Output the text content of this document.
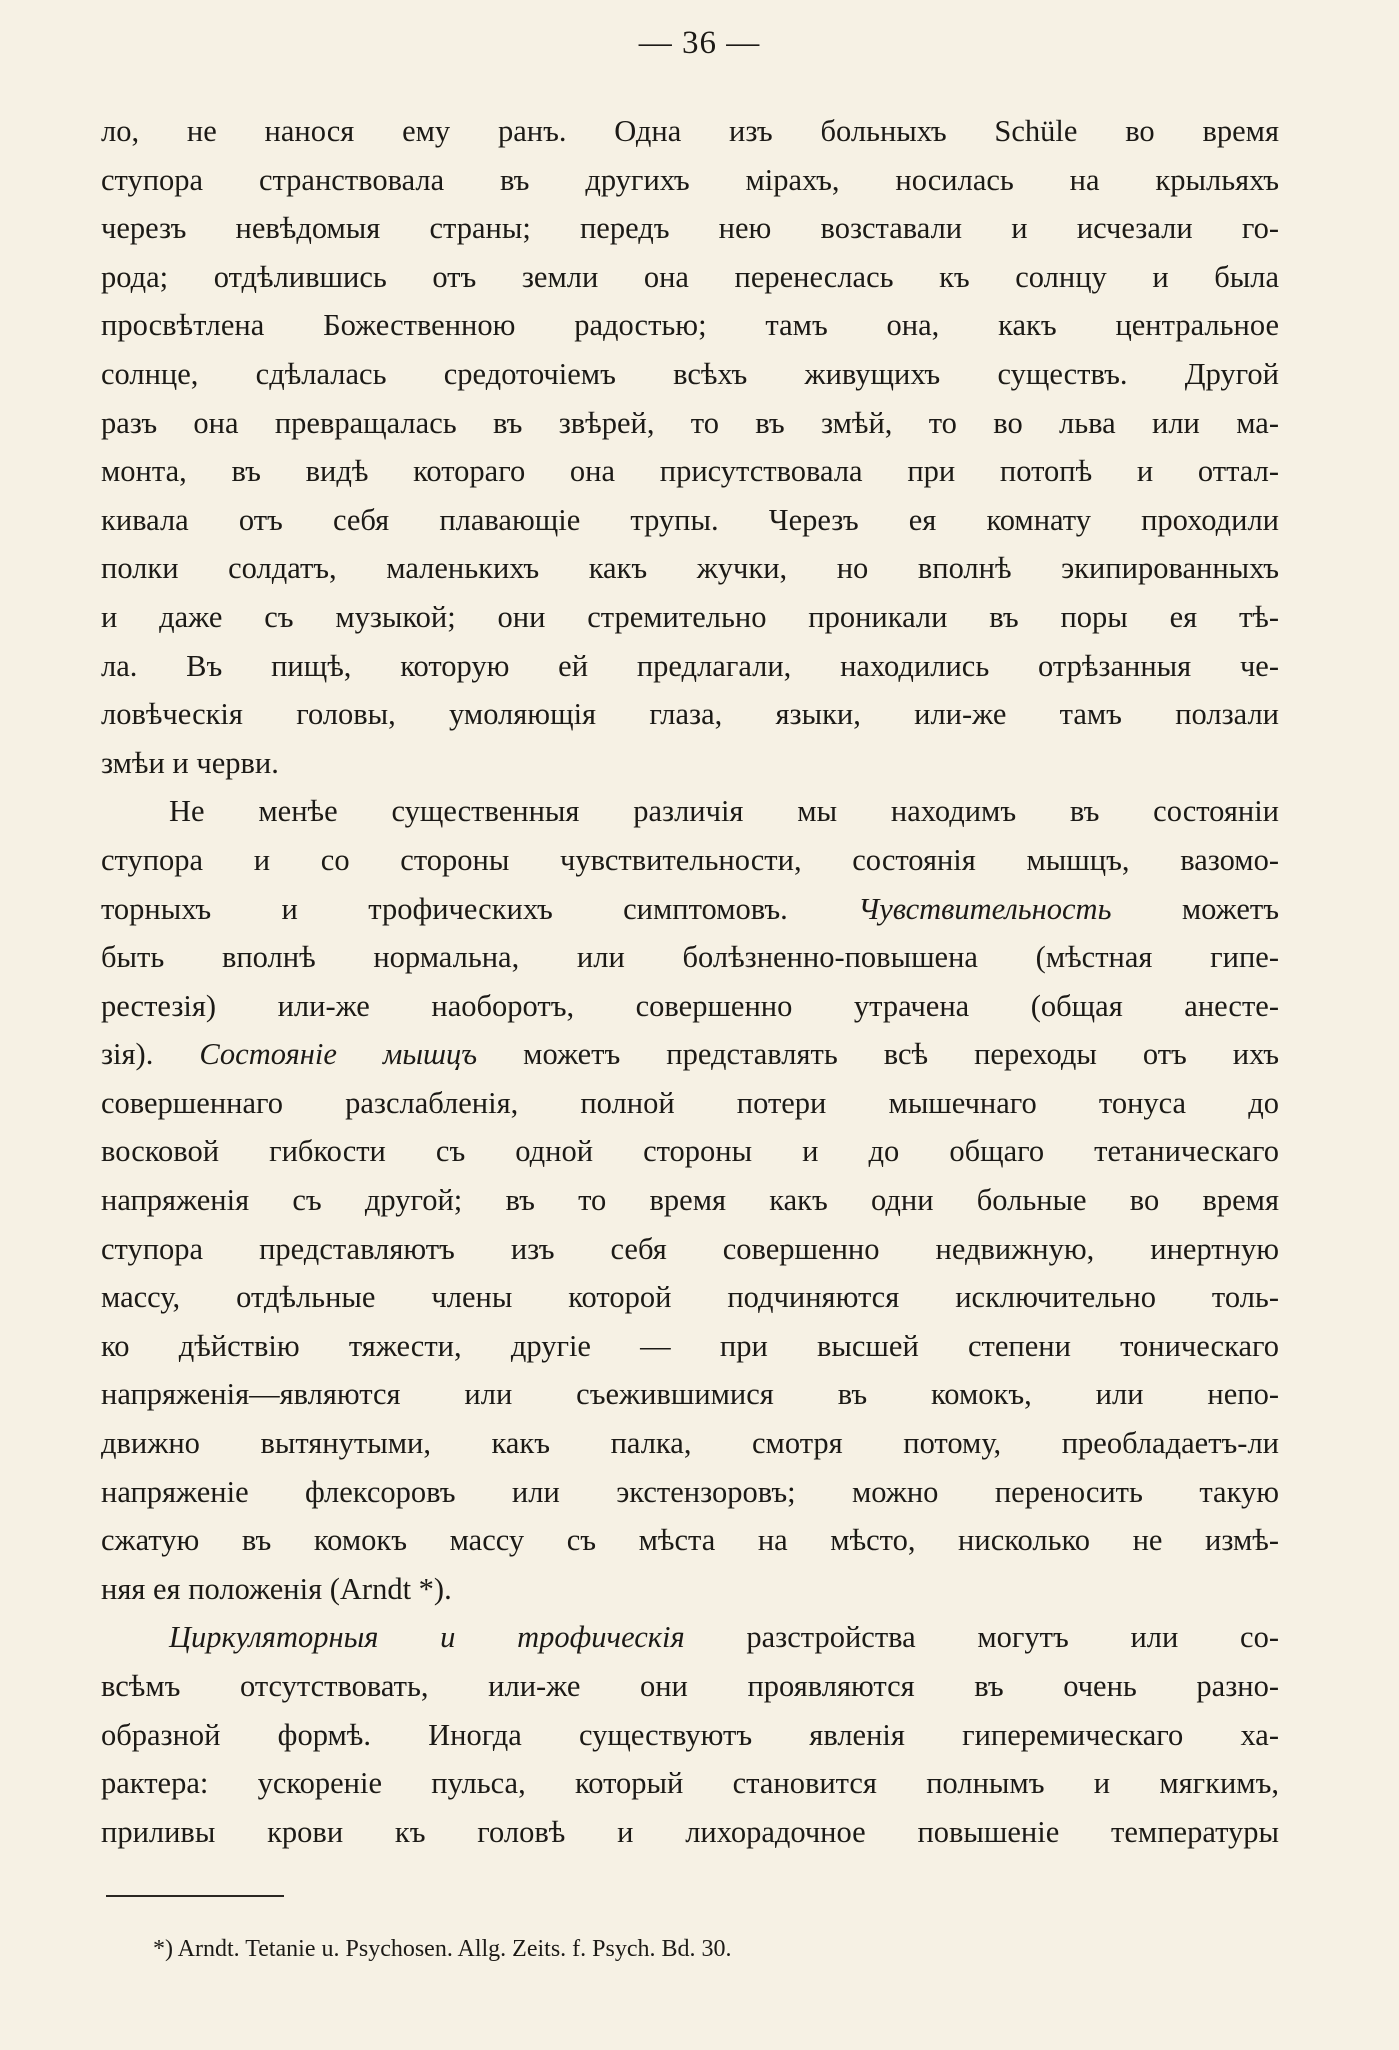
— 36 —
ло, не нанося ему ранъ. Одна изъ больныхъ Schüle во время
ступора странствовала въ другихъ мірахъ, носилась на крыльяхъ
черезъ невѣдомыя страны; передъ нею возставали и исчезали го-
рода; отдѣлившись отъ земли она перенеслась къ солнцу и была
просвѣтлена Божественною радостью; тамъ она, какъ центральное
солнце, сдѣлалась средоточіемъ всѣхъ живущихъ существъ. Другой
разъ она превращалась въ звѣрей, то въ змѣй, то во льва или ма-
монта, въ видѣ котораго она присутствовала при потопѣ и оттал-
кивала отъ себя плавающіе трупы. Черезъ ея комнату проходили
полки солдатъ, маленькихъ какъ жучки, но вполнѣ экипированныхъ
и даже съ музыкой; они стремительно проникали въ поры ея тѣ-
ла. Въ пищѣ, которую ей предлагали, находились отрѣзанныя че-
ловѣческія головы, умоляющія глаза, языки, или-же тамъ ползали
змѣи и черви.
Не менѣе существенныя различія мы находимъ въ состояніи
ступора и со стороны чувствительности, состоянія мышцъ, вазомо-
торныхъ и трофическихъ симптомовъ. Чувствительность можетъ
быть вполнѣ нормальна, или болѣзненно-повышена (мѣстная гипе-
рестезія) или-же наоборотъ, совершенно утрачена (общая анесте-
зія). Состояніе мышцъ можетъ представлять всѣ переходы отъ ихъ
совершеннаго разслабленія, полной потери мышечнаго тонуса до
восковой гибкости съ одной стороны и до общаго тетаническаго
напряженія съ другой; въ то время какъ одни больные во время
ступора представляютъ изъ себя совершенно недвижную, инертную
массу, отдѣльные члены которой подчиняются исключительно толь-
ко дѣйствію тяжести, другіе — при высшей степени тоническаго
напряженія—являются или съежившимися въ комокъ, или непо-
движно вытянутыми, какъ палка, смотря потому, преобладаетъ-ли
напряженіе флексоровъ или экстензоровъ; можно переносить такую
сжатую въ комокъ массу съ мѣста на мѣсто, нисколько не измѣ-
няя ея положенія (Arndt *).
Циркуляторныя и трофическія разстройства могутъ или со-
всѣмъ отсутствовать, или-же они проявляются въ очень разно-
образной формѣ. Иногда существуютъ явленія гиперемическаго ха-
рактера: ускореніе пульса, который становится полнымъ и мягкимъ,
приливы крови къ головѣ и лихорадочное повышеніе температуры
*) Arndt. Tetanie u. Psychosen. Allg. Zeits. f. Psych. Bd. 30.
